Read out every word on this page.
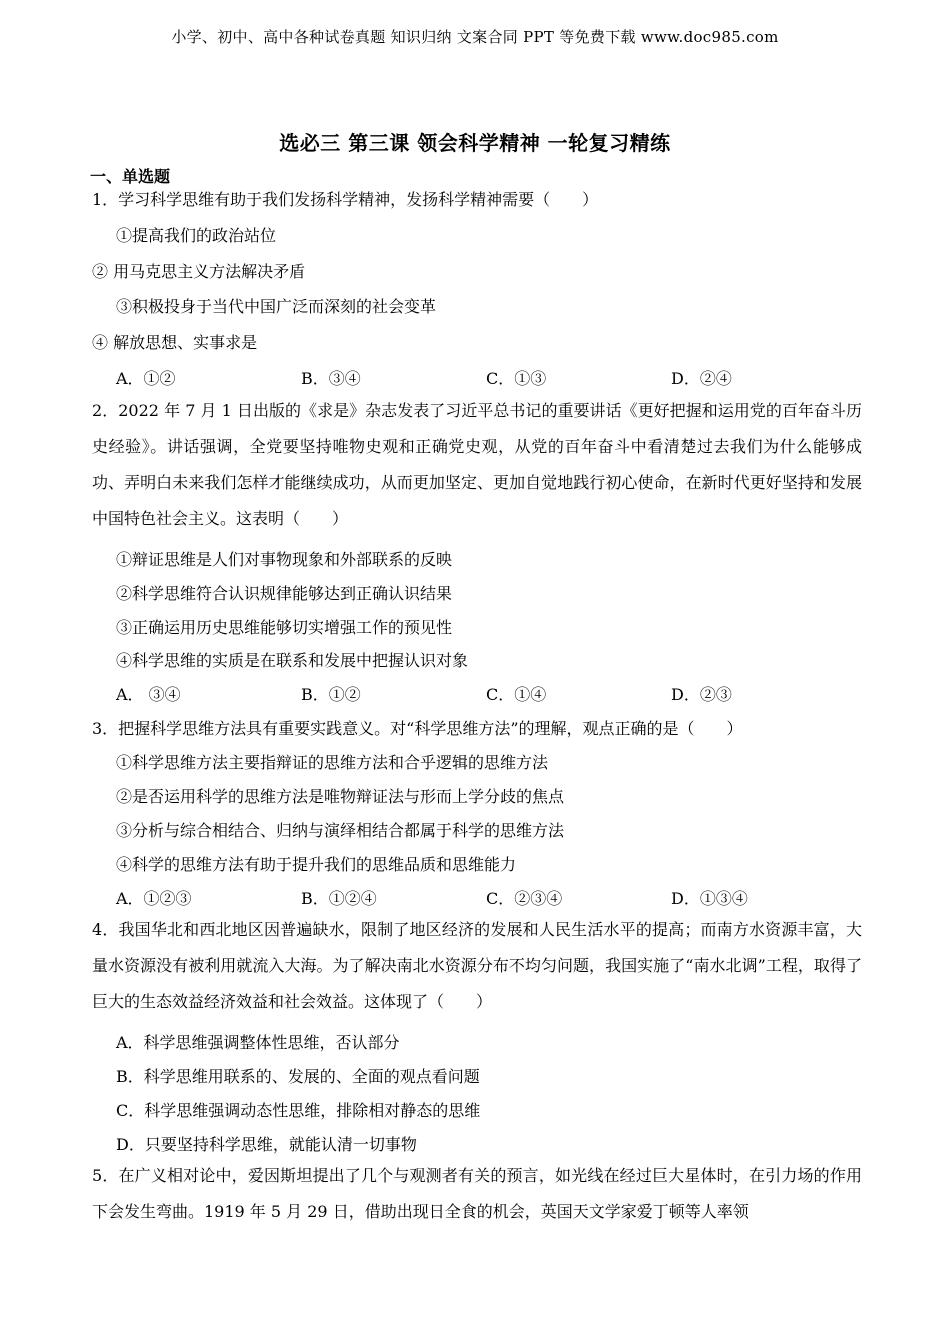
小学、初中、高中各种试卷真题 知识归纳 文案合同 PPT 等免费下载 www.doc985.com
选必三 第三课 领会科学精神 一轮复习精练
一、单选题
1．学习科学思维有助于我们发扬科学精神，发扬科学精神需要（　　）
①提高我们的政治站位
② 用马克思主义方法解决矛盾
③积极投身于当代中国广泛而深刻的社会变革
④ 解放思想、实事求是
A．①②	B．③④	C．①③	D．②④
2．2022 年 7 月 1 日出版的《求是》杂志发表了习近平总书记的重要讲话《更好把握和运用党的百年奋斗历史经验》。讲话强调，全党要坚持唯物史观和正确党史观，从党的百年奋斗中看清楚过去我们为什么能够成功、弄明白未来我们怎样才能继续成功，从而更加坚定、更加自觉地践行初心使命，在新时代更好坚持和发展中国特色社会主义。这表明（　　）
①辩证思维是人们对事物现象和外部联系的反映
②科学思维符合认识规律能够达到正确认识结果
③正确运用历史思维能够切实增强工作的预见性
④科学思维的实质是在联系和发展中把握认识对象
A． ③④	B．①②	C．①④	D．②③
3．把握科学思维方法具有重要实践意义。对“科学思维方法”的理解，观点正确的是（　　）
①科学思维方法主要指辩证的思维方法和合乎逻辑的思维方法
②是否运用科学的思维方法是唯物辩证法与形而上学分歧的焦点
③分析与综合相结合、归纳与演绎相结合都属于科学的思维方法
④科学的思维方法有助于提升我们的思维品质和思维能力
A．①②③	B．①②④	C．②③④	D．①③④
4．我国华北和西北地区因普遍缺水，限制了地区经济的发展和人民生活水平的提高；而南方水资源丰富，大量水资源没有被利用就流入大海。为了解决南北水资源分布不均匀问题，我国实施了“南水北调”工程，取得了巨大的生态效益经济效益和社会效益。这体现了（　　）
A．科学思维强调整体性思维，否认部分
B．科学思维用联系的、发展的、全面的观点看问题
C．科学思维强调动态性思维，排除相对静态的思维
D．只要坚持科学思维，就能认清一切事物
5．在广义相对论中，爱因斯坦提出了几个与观测者有关的预言，如光线在经过巨大星体时，在引力场的作用下会发生弯曲。1919 年 5 月 29 日，借助出现日全食的机会，英国天文学家爱丁顿等人率领
